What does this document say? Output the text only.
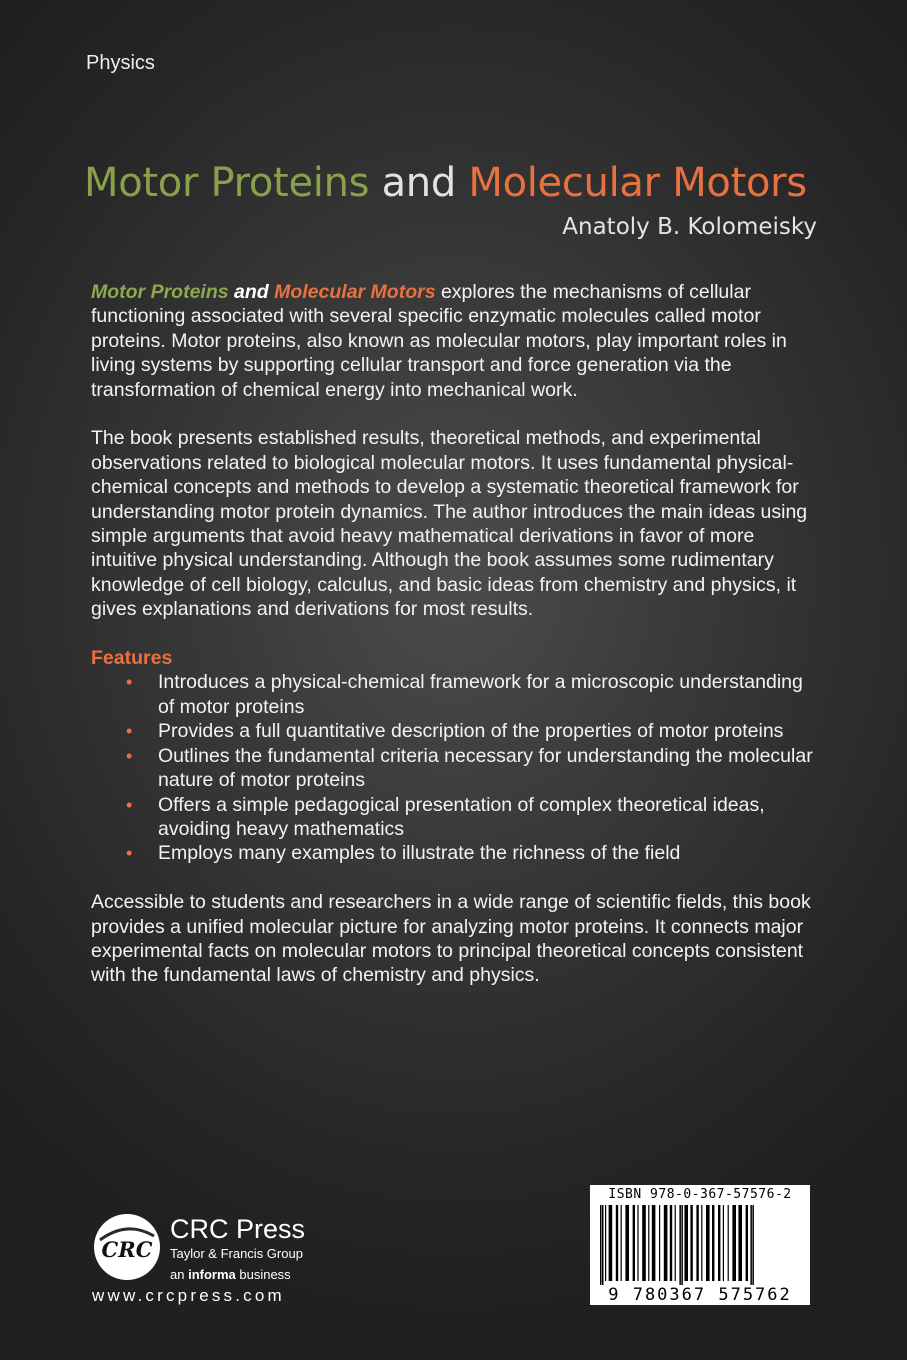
Physics
Motor Proteins and Molecular Motors
Anatoly B. Kolomeisky

Motor Proteins and Molecular Motors explores the mechanisms of cellular functioning associated with several specific enzymatic molecules called motor proteins. Motor proteins, also known as molecular motors, play important roles in living systems by supporting cellular transport and force generation via the transformation of chemical energy into mechanical work.

The book presents established results, theoretical methods, and experimental observations related to biological molecular motors. It uses fundamental physical-chemical concepts and methods to develop a systematic theoretical framework for understanding motor protein dynamics. The author introduces the main ideas using simple arguments that avoid heavy mathematical derivations in favor of more intuitive physical understanding. Although the book assumes some rudimentary knowledge of cell biology, calculus, and basic ideas from chemistry and physics, it gives explanations and derivations for most results.

Features
• Introduces a physical-chemical framework for a microscopic understanding of motor proteins
• Provides a full quantitative description of the properties of motor proteins
• Outlines the fundamental criteria necessary for understanding the molecular nature of motor proteins
• Offers a simple pedagogical presentation of complex theoretical ideas, avoiding heavy mathematics
• Employs many examples to illustrate the richness of the field

Accessible to students and researchers in a wide range of scientific fields, this book provides a unified molecular picture for analyzing motor proteins. It connects major experimental facts on molecular motors to principal theoretical concepts consistent with the fundamental laws of chemistry and physics.

CRC
CRC Press
Taylor & Francis Group
an informa business
www.crcpress.com
ISBN 978-0-367-57576-2
9 780367 575762
